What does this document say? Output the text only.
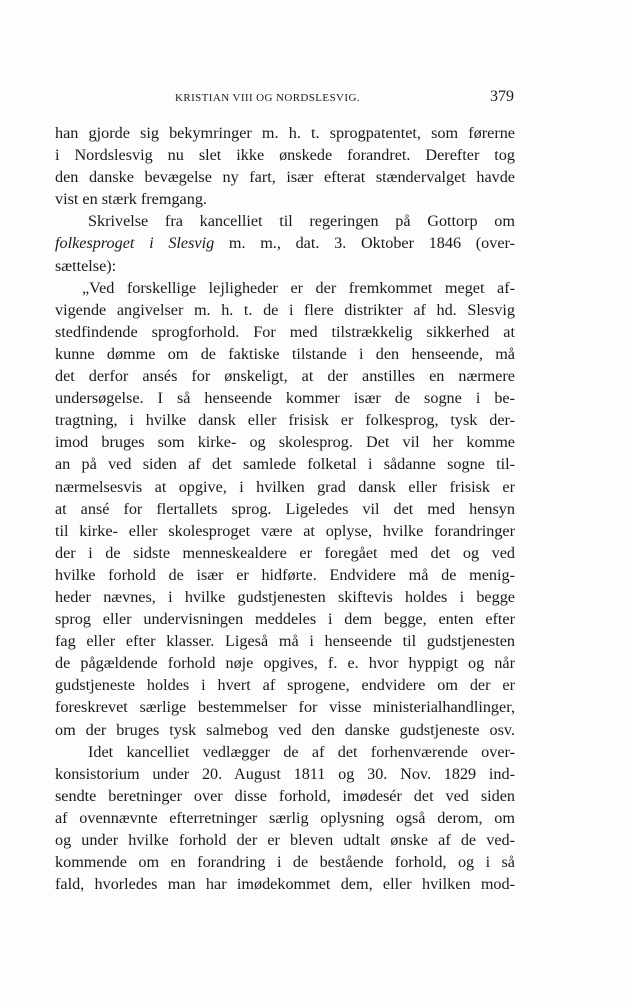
KRISTIAN VIII OG NORDSLESVIG.	379
han gjorde sig bekymringer m. h. t. sprogpatentet, som førerne
i Nordslesvig nu slet ikke ønskede forandret. Derefter tog
den danske bevægelse ny fart, især efterat stændervalget havde
vist en stærk fremgang.
Skrivelse fra kancelliet til regeringen på Gottorp om
folkesproget i Slesvig m. m., dat. 3. Oktober 1846 (over-
sættelse):
„Ved forskellige lejligheder er der fremkommet meget af-
vigende angivelser m. h. t. de i flere distrikter af hd. Slesvig
stedfindende sprogforhold. For med tilstrækkelig sikkerhed at
kunne dømme om de faktiske tilstande i den henseende, må
det derfor ansés for ønskeligt, at der anstilles en nærmere
undersøgelse. I så henseende kommer især de sogne i be-
tragtning, i hvilke dansk eller frisisk er folkesprog, tysk der-
imod bruges som kirke- og skolesprog. Det vil her komme
an på ved siden af det samlede folketal i sådanne sogne til-
nærmelsesvis at opgive, i hvilken grad dansk eller frisisk er
at ansé for flertallets sprog. Ligeledes vil det med hensyn
til kirke- eller skolesproget være at oplyse, hvilke forandringer
der i de sidste menneskealdere er foregået med det og ved
hvilke forhold de især er hidførte. Endvidere må de menig-
heder nævnes, i hvilke gudstjenesten skiftevis holdes i begge
sprog eller undervisningen meddeles i dem begge, enten efter
fag eller efter klasser. Ligeså må i henseende til gudstjenesten
de pågældende forhold nøje opgives, f. e. hvor hyppigt og når
gudstjeneste holdes i hvert af sprogene, endvidere om der er
foreskrevet særlige bestemmelser for visse ministerialhandlinger,
om der bruges tysk salmebog ved den danske gudstjeneste osv.
Idet kancelliet vedlægger de af det forhenværende over-
konsistorium under 20. August 1811 og 30. Nov. 1829 ind-
sendte beretninger over disse forhold, imødesér det ved siden
af ovennævnte efterretninger særlig oplysning også derom, om
og under hvilke forhold der er bleven udtalt ønske af de ved-
kommende om en forandring i de bestående forhold, og i så
fald, hvorledes man har imødekommet dem, eller hvilken mod-
